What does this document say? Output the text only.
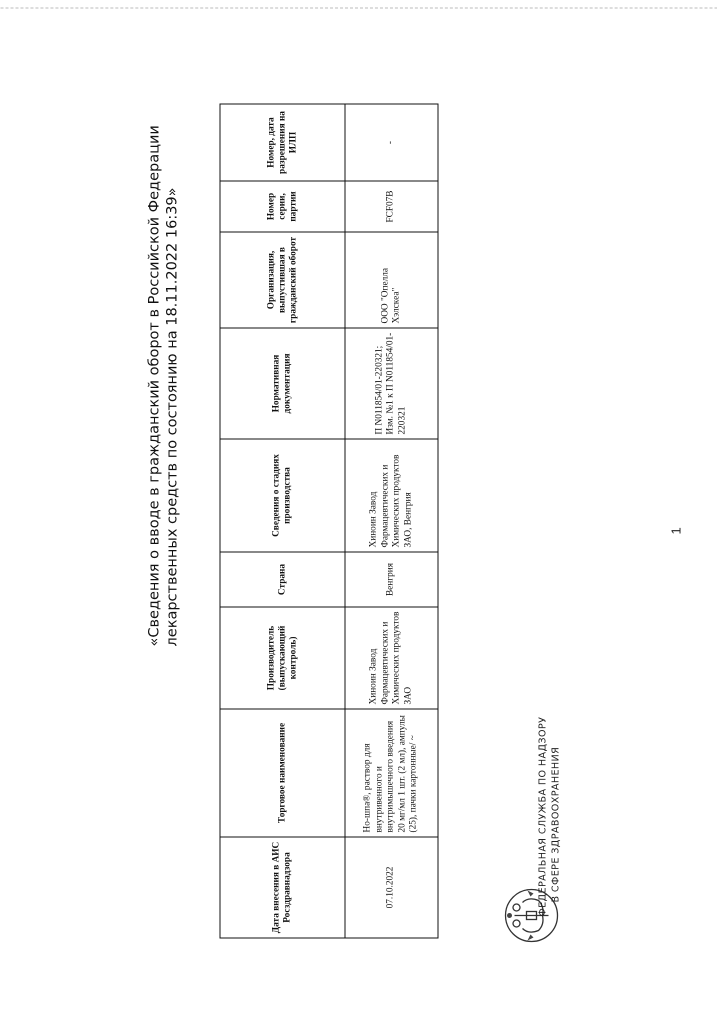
ФЕДЕРАЛЬНАЯ СЛУЖБА ПО НАДЗОРУ В СФЕРЕ ЗДРАВООХРАНЕНИЯ
«Сведения о вводе в гражданский оборот в Российской Федерации лекарственных средств по состоянию на 18.11.2022 16:39»
Дата внесения в АИС Росздравнадзора	Торговое наименование	Производитель (выпускающий контроль)	Страна	Сведения о стадиях производства	Нормативная документация	Организация, выпустившая в гражданский оборот	Номер серии, партии	Номер, дата разрешения на ИЛП
07.10.2022	Но-шпа®, раствор для внутривенного и внутримышечного введения 20 мг/мл 1 шт. (2 мл), ампулы (25), пачки картонные/ ~	Хиноин Завод Фармацевтических и Химических продуктов ЗАО	Венгрия	Хиноин Завод Фармацевтических и Химических продуктов ЗАО, Венгрия	П N011854/01-220321; Изм. №1 к П N011854/01-220321	ООО "Опелла Хэлскеа"	FCF07B	-
1
